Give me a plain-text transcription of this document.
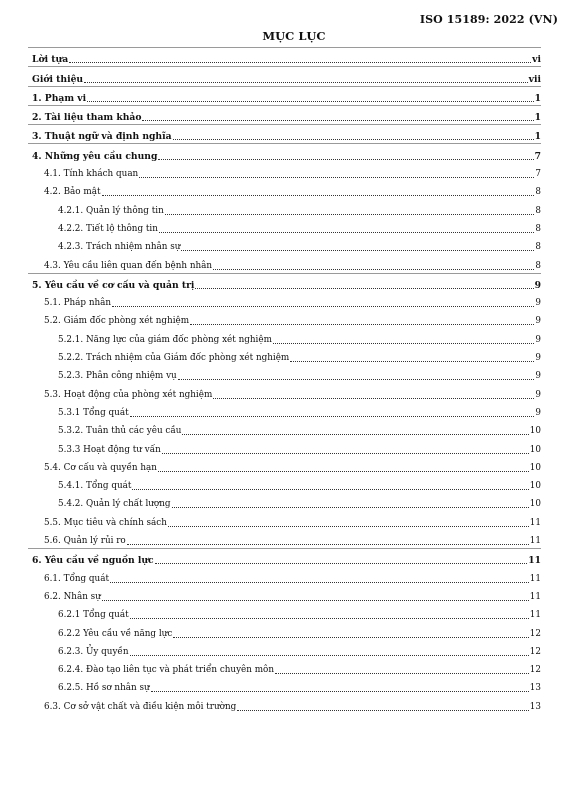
ISO 15189: 2022 (VN)
MỤC LỤC
Lời tựa	vi
Giới thiệu	vii
1. Phạm vi	1
2. Tài liệu tham khảo	1
3. Thuật ngữ và định nghĩa	1
4. Những yêu cầu chung	7
4.1. Tính khách quan	7
4.2. Bảo mật	8
4.2.1. Quản lý thông tin	8
4.2.2. Tiết lộ thông tin	8
4.2.3. Trách nhiệm nhân sự	8
4.3. Yêu cầu liên quan đến bệnh nhân	8
5. Yêu cầu về cơ cấu và quản trị	9
5.1. Pháp nhân	9
5.2. Giám đốc phòng xét nghiệm	9
5.2.1. Năng lực của giám đốc phòng xét nghiệm	9
5.2.2. Trách nhiệm của Giám đốc phòng xét nghiệm	9
5.2.3. Phân công nhiệm vụ	9
5.3. Hoạt động của phòng xét nghiệm	9
5.3.1 Tổng quát	9
5.3.2. Tuân thủ các yêu cầu	10
5.3.3 Hoạt động tư vấn	10
5.4. Cơ cấu và quyền hạn	10
5.4.1. Tổng quát	10
5.4.2. Quản lý chất lượng	10
5.5. Mục tiêu và chính sách	11
5.6. Quản lý rủi ro	11
6. Yêu cầu về nguồn lực	11
6.1. Tổng quát	11
6.2. Nhân sự	11
6.2.1 Tổng quát	11
6.2.2 Yêu cầu về năng lực	12
6.2.3. Ủy quyền	12
6.2.4. Đào tạo liên tục và phát triển chuyên môn	12
6.2.5. Hồ sơ nhân sự	13
6.3. Cơ sở vật chất và điều kiện môi trường	13
